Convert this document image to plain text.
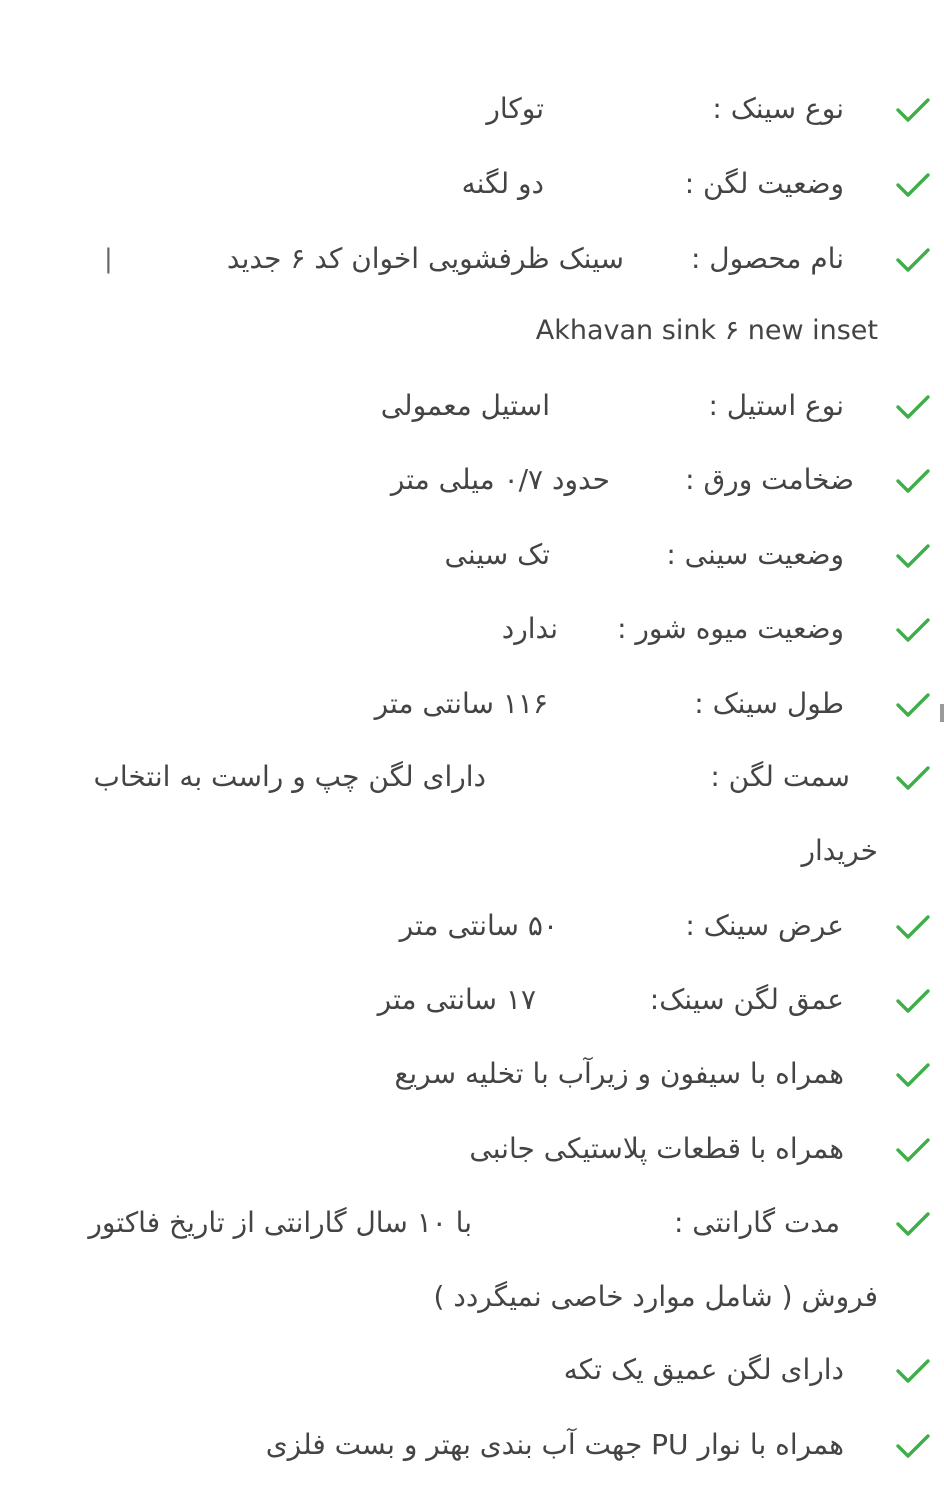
نوع سینک :
توکار
وضعیت لگن :
دو لگنه
نام محصول :
سینک ظرفشویی اخوان کد ۶ جدید
|
Akhavan sink ۶ new inset
نوع استیل :
استیل معمولی
ضخامت ورق :
حدود ۰/۷ میلی متر
وضعیت سینی :
تک سینی
وضعیت میوه شور :
ندارد
طول سینک :
۱۱۶ سانتی متر
سمت لگن :
دارای لگن چپ و راست به انتخاب
خریدار
عرض سینک :
۵۰ سانتی متر
عمق لگن سینک:
۱۷ سانتی متر
همراه با سیفون و زیرآب با تخلیه سریع
همراه با قطعات پلاستیکی جانبی
مدت گارانتی :
با ۱۰ سال گارانتی از تاریخ فاکتور
فروش ( شامل موارد خاصی نمیگردد )
دارای لگن عمیق یک تکه
همراه با نوار PU جهت آب بندی بهتر و بست فلزی
